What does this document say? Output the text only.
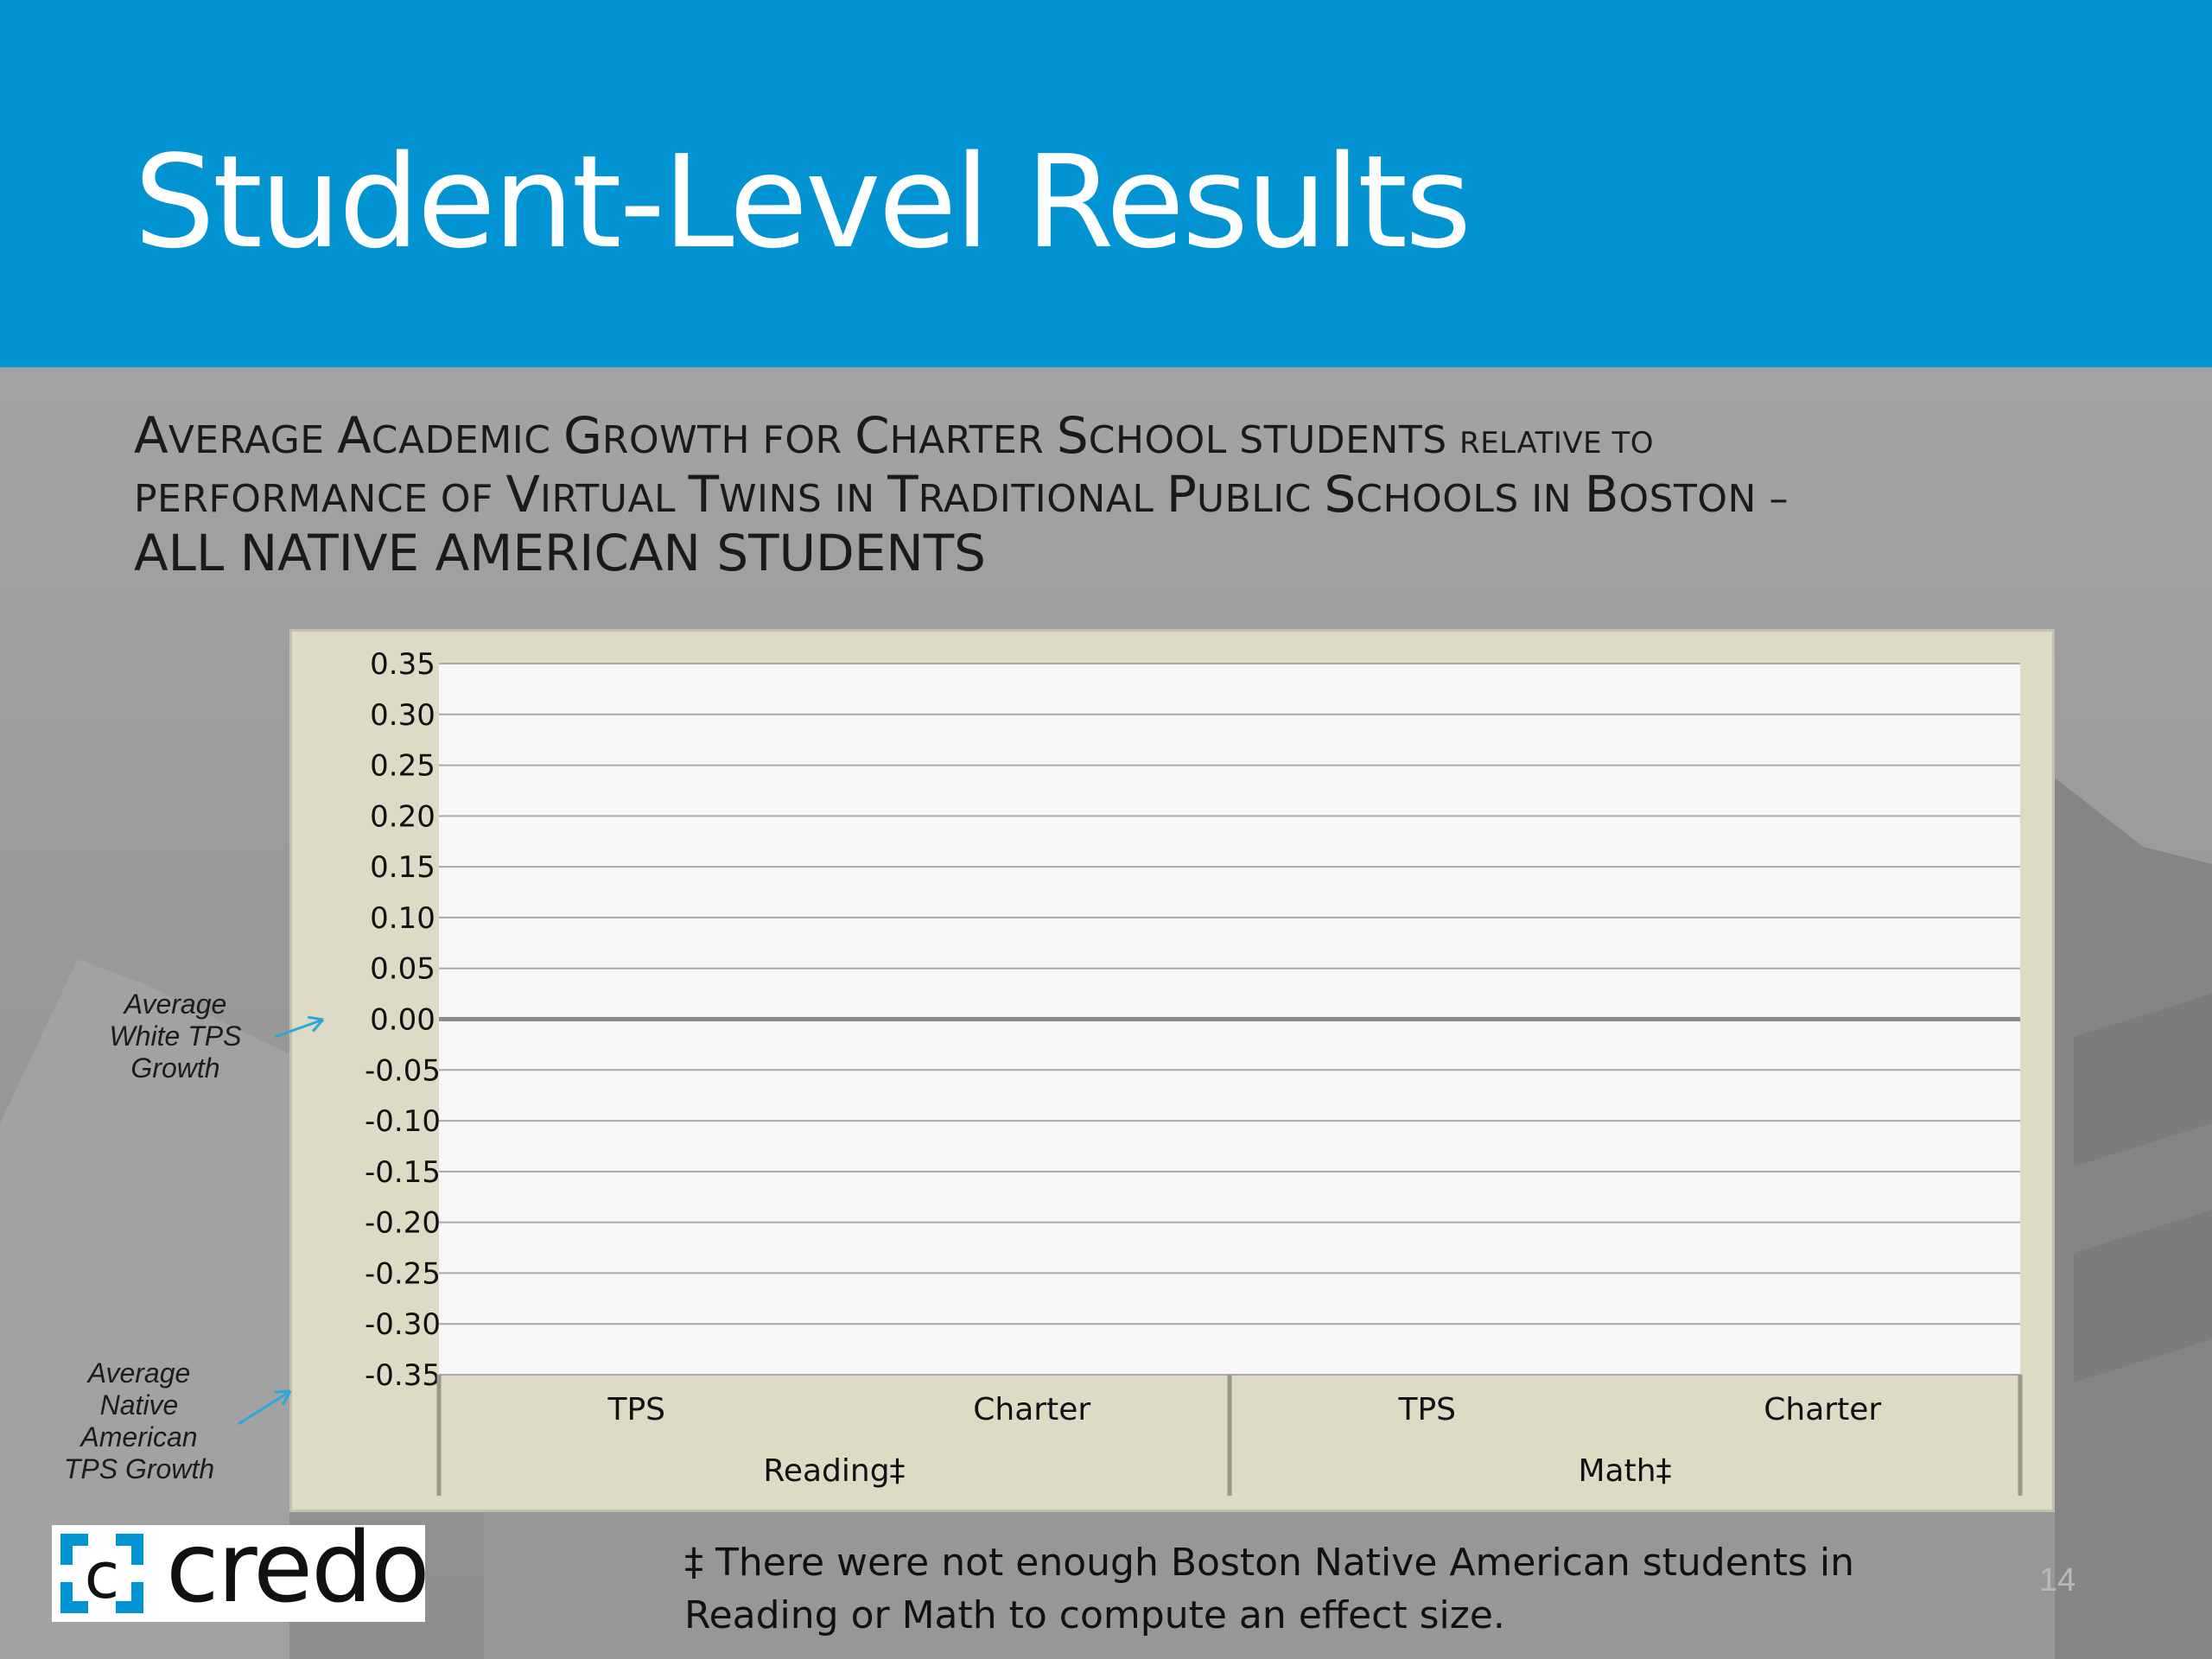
Student-Level Results
AVERAGE ACADEMIC GROWTH FOR CHARTER SCHOOL STUDENTS RELATIVE TO
PERFORMANCE OF VIRTUAL TWINS IN TRADITIONAL PUBLIC SCHOOLS IN BOSTON –
ALL NATIVE AMERICAN STUDENTS
0.35
0.30
0.25
0.20
0.15
0.10
0.05
0.00
-0.05
-0.10
-0.15
-0.20
-0.25
-0.30
-0.35
TPS	Charter
Reading‡
TPS	Charter
Math‡
Average
White TPS
Growth
Average
Native
American
TPS Growth
c credo	‡ There were not enough Boston Native American students in
Reading or Math to compute an effect size.
14
